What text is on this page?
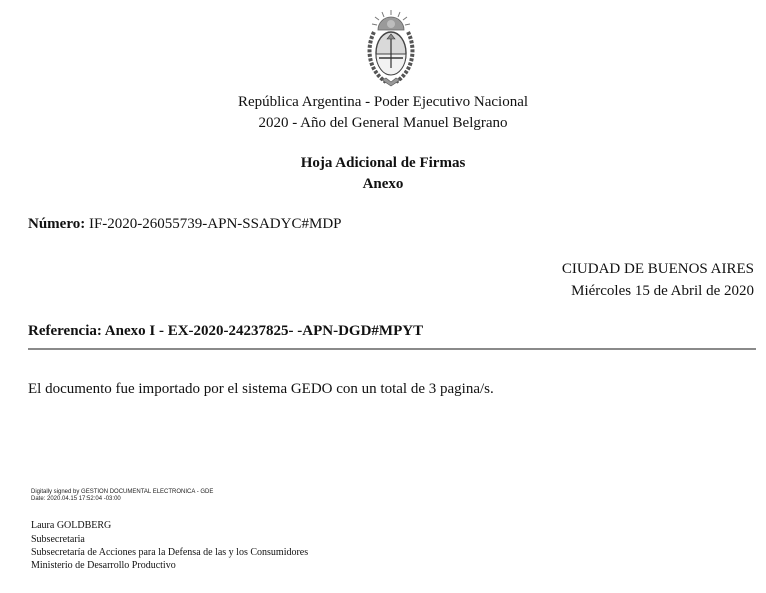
República Argentina - Poder Ejecutivo Nacional
2020 - Año del General Manuel Belgrano
Hoja Adicional de Firmas
Anexo
Número: IF-2020-26055739-APN-SSADYC#MDP
CIUDAD DE BUENOS AIRES
Miércoles 15 de Abril de 2020
Referencia: Anexo I - EX-2020-24237825- -APN-DGD#MPYT
El documento fue importado por el sistema GEDO con un total de 3 pagina/s.
Digitally signed by GESTION DOCUMENTAL ELECTRONICA - GDE
Date: 2020.04.15 17:52:04 -03:00
Laura GOLDBERG
Subsecretaria
Subsecretaría de Acciones para la Defensa de las y los Consumidores
Ministerio de Desarrollo Productivo
